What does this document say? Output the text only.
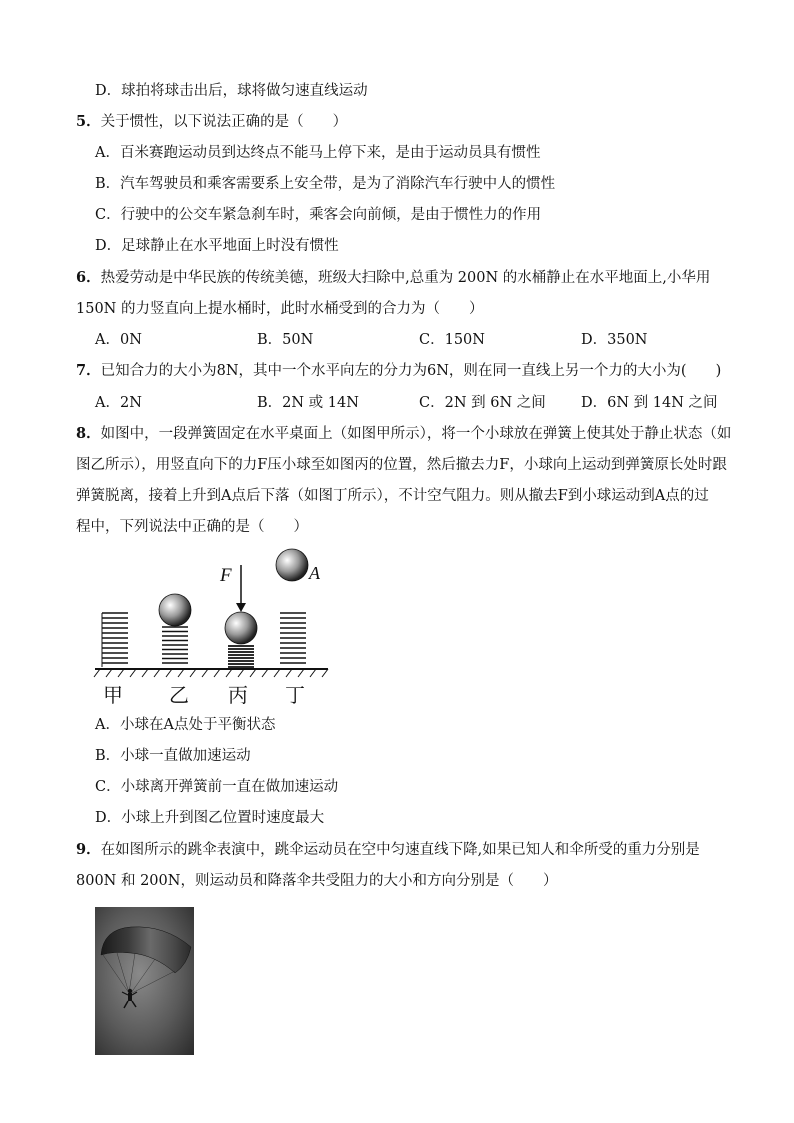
D．球拍将球击出后，球将做匀速直线运动
5．关于惯性，以下说法正确的是（　　）
A．百米赛跑运动员到达终点不能马上停下来，是由于运动员具有惯性
B．汽车驾驶员和乘客需要系上安全带，是为了消除汽车行驶中人的惯性
C．行驶中的公交车紧急刹车时，乘客会向前倾，是由于惯性力的作用
D．足球静止在水平地面上时没有惯性
6．热爱劳动是中华民族的传统美德，班级大扫除中,总重为 200N 的水桶静止在水平地面上,小华用
150N 的力竖直向上提水桶时，此时水桶受到的合力为（　　）
A．0N	B．50N	C．150N	D．350N
7．已知合力的大小为8N，其中一个水平向左的分力为6N，则在同一直线上另一个力的大小为(　　)
A．2N	B．2N 或 14N	C．2N 到 6N 之间 D．6N 到 14N 之间
8．如图中，一段弹簧固定在水平桌面上（如图甲所示），将一个小球放在弹簧上使其处于静止状态（如
图乙所示），用竖直向下的力F压小球至如图丙的位置，然后撤去力F，小球向上运动到弹簧原长处时跟
弹簧脱离，接着上升到A点后下落（如图丁所示），不计空气阻力。则从撤去F到小球运动到A点的过
程中，下列说法中正确的是（　　）
F	A
甲 乙 丙 丁
A．小球在A点处于平衡状态
B．小球一直做加速运动
C．小球离开弹簧前一直在做加速运动
D．小球上升到图乙位置时速度最大
9．在如图所示的跳伞表演中，跳伞运动员在空中匀速直线下降,如果已知人和伞所受的重力分别是
800N 和 200N，则运动员和降落伞共受阻力的大小和方向分别是（　　）
